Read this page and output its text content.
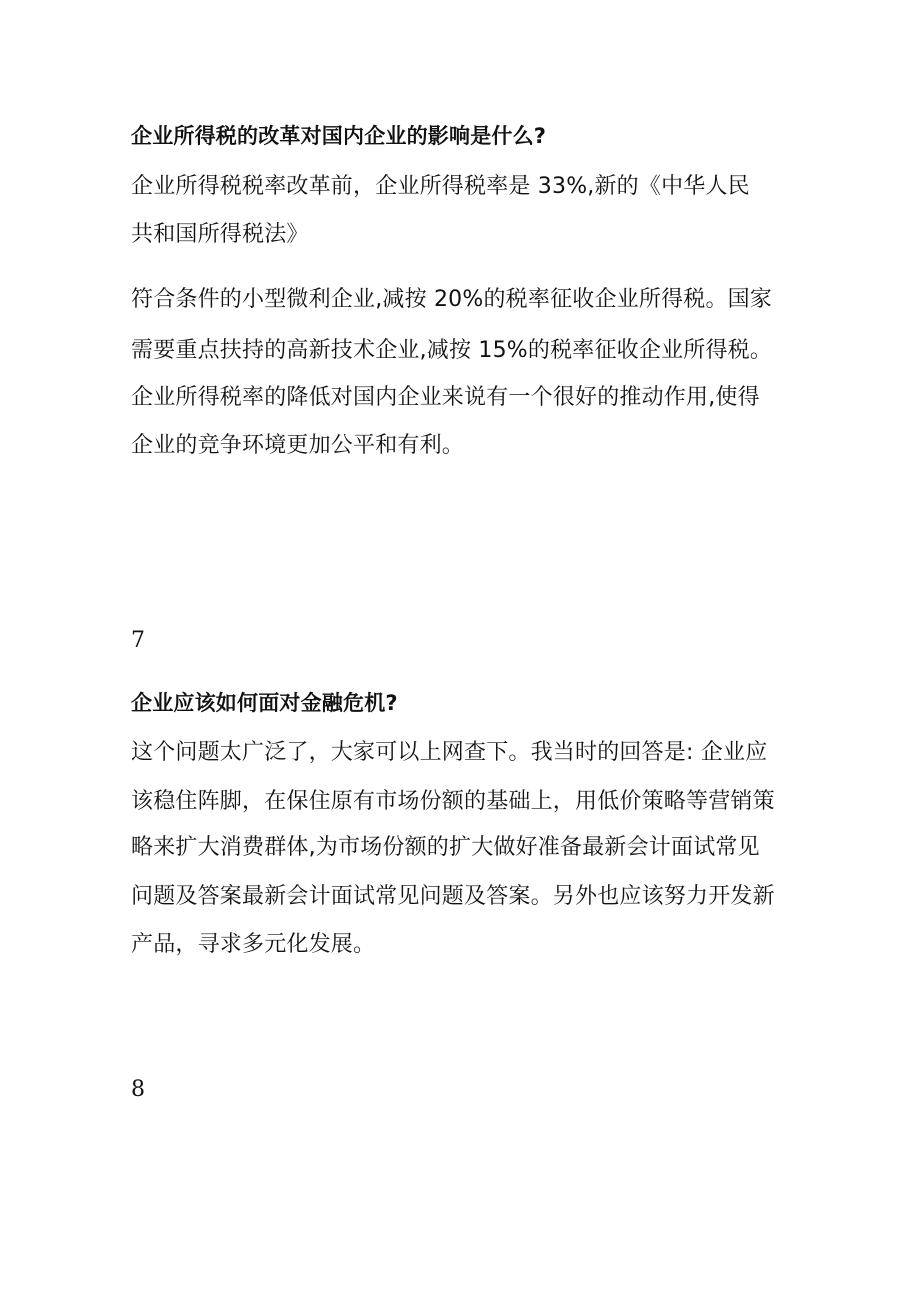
企业所得税的改革对国内企业的影响是什么?
企业所得税税率改革前，企业所得税率是 33%,新的《中华人民
共和国所得税法》
符合条件的小型微利企业,减按 20%的税率征收企业所得税。国家
需要重点扶持的高新技术企业,减按 15%的税率征收企业所得税。
企业所得税率的降低对国内企业来说有一个很好的推动作用,使得
企业的竞争环境更加公平和有利。
7
企业应该如何面对金融危机?
这个问题太广泛了，大家可以上网查下。我当时的回答是: 企业应
该稳住阵脚，在保住原有市场份额的基础上，用低价策略等营销策
略来扩大消费群体,为市场份额的扩大做好准备最新会计面试常见
问题及答案最新会计面试常见问题及答案。另外也应该努力开发新
产品，寻求多元化发展。
8
